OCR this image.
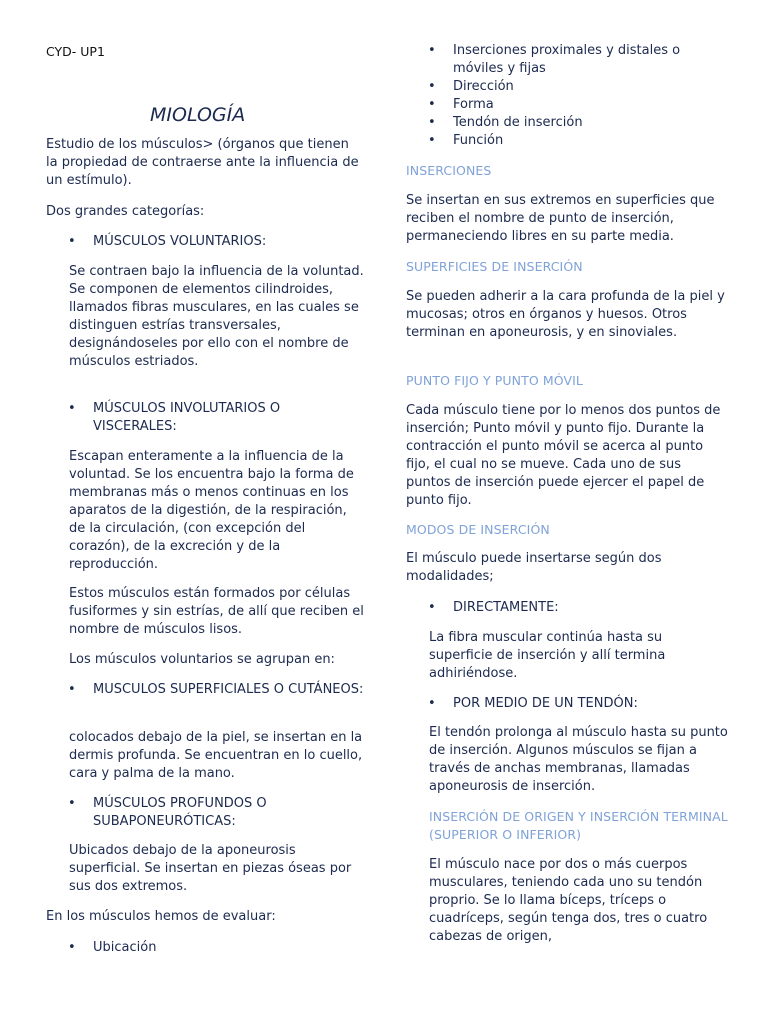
CYD- UP1

MIOLOGÍA

Estudio de los músculos> (órganos que tienen la propiedad de contraerse ante la influencia de un estímulo).

Dos grandes categorías:

• MÚSCULOS VOLUNTARIOS:

Se contraen bajo la influencia de la voluntad. Se componen de elementos cilindroides, llamados fibras musculares, en las cuales se distinguen estrías transversales, designándoseles por ello con el nombre de músculos estriados.

• MÚSCULOS INVOLUTARIOS O VISCERALES:

Escapan enteramente a la influencia de la voluntad. Se los encuentra bajo la forma de membranas más o menos continuas en los aparatos de la digestión, de la respiración, de la circulación, (con excepción del corazón), de la excreción y de la reproducción.

Estos músculos están formados por células fusiformes y sin estrías, de allí que reciben el nombre de músculos lisos.

Los músculos voluntarios se agrupan en:

• MUSCULOS SUPERFICIALES O CUTÁNEOS:

colocados debajo de la piel, se insertan en la dermis profunda. Se encuentran en lo cuello, cara y palma de la mano.

• MÚSCULOS PROFUNDOS O SUBAPONEURÓTICAS:

Ubicados debajo de la aponeurosis superficial. Se insertan en piezas óseas por sus dos extremos.

En los músculos hemos de evaluar:

• Ubicación

• Inserciones proximales y distales o móviles y fijas

• Dirección

• Forma

• Tendón de inserción

• Función

INSERCIONES

Se insertan en sus extremos en superficies que reciben el nombre de punto de inserción, permaneciendo libres en su parte media.

SUPERFICIES DE INSERCIÓN

Se pueden adherir a la cara profunda de la piel y mucosas; otros en órganos y huesos. Otros terminan en aponeurosis, y en sinoviales.

PUNTO FIJO Y PUNTO MÓVIL

Cada músculo tiene por lo menos dos puntos de inserción; Punto móvil y punto fijo. Durante la contracción el punto móvil se acerca al punto fijo, el cual no se mueve. Cada uno de sus puntos de inserción puede ejercer el papel de punto fijo.

MODOS DE INSERCIÓN

El músculo puede insertarse según dos modalidades;

• DIRECTAMENTE:

La fibra muscular continúa hasta su superficie de inserción y allí termina adhiriéndose.

• POR MEDIO DE UN TENDÓN:

El tendón prolonga al músculo hasta su punto de inserción. Algunos músculos se fijan a través de anchas membranas, llamadas aponeurosis de inserción.

INSERCIÓN DE ORIGEN Y INSERCIÓN TERMINAL (SUPERIOR O INFERIOR)

El músculo nace por dos o más cuerpos musculares, teniendo cada uno su tendón proprio. Se lo llama bíceps, tríceps o cuadríceps, según tenga dos, tres o cuatro cabezas de origen,
